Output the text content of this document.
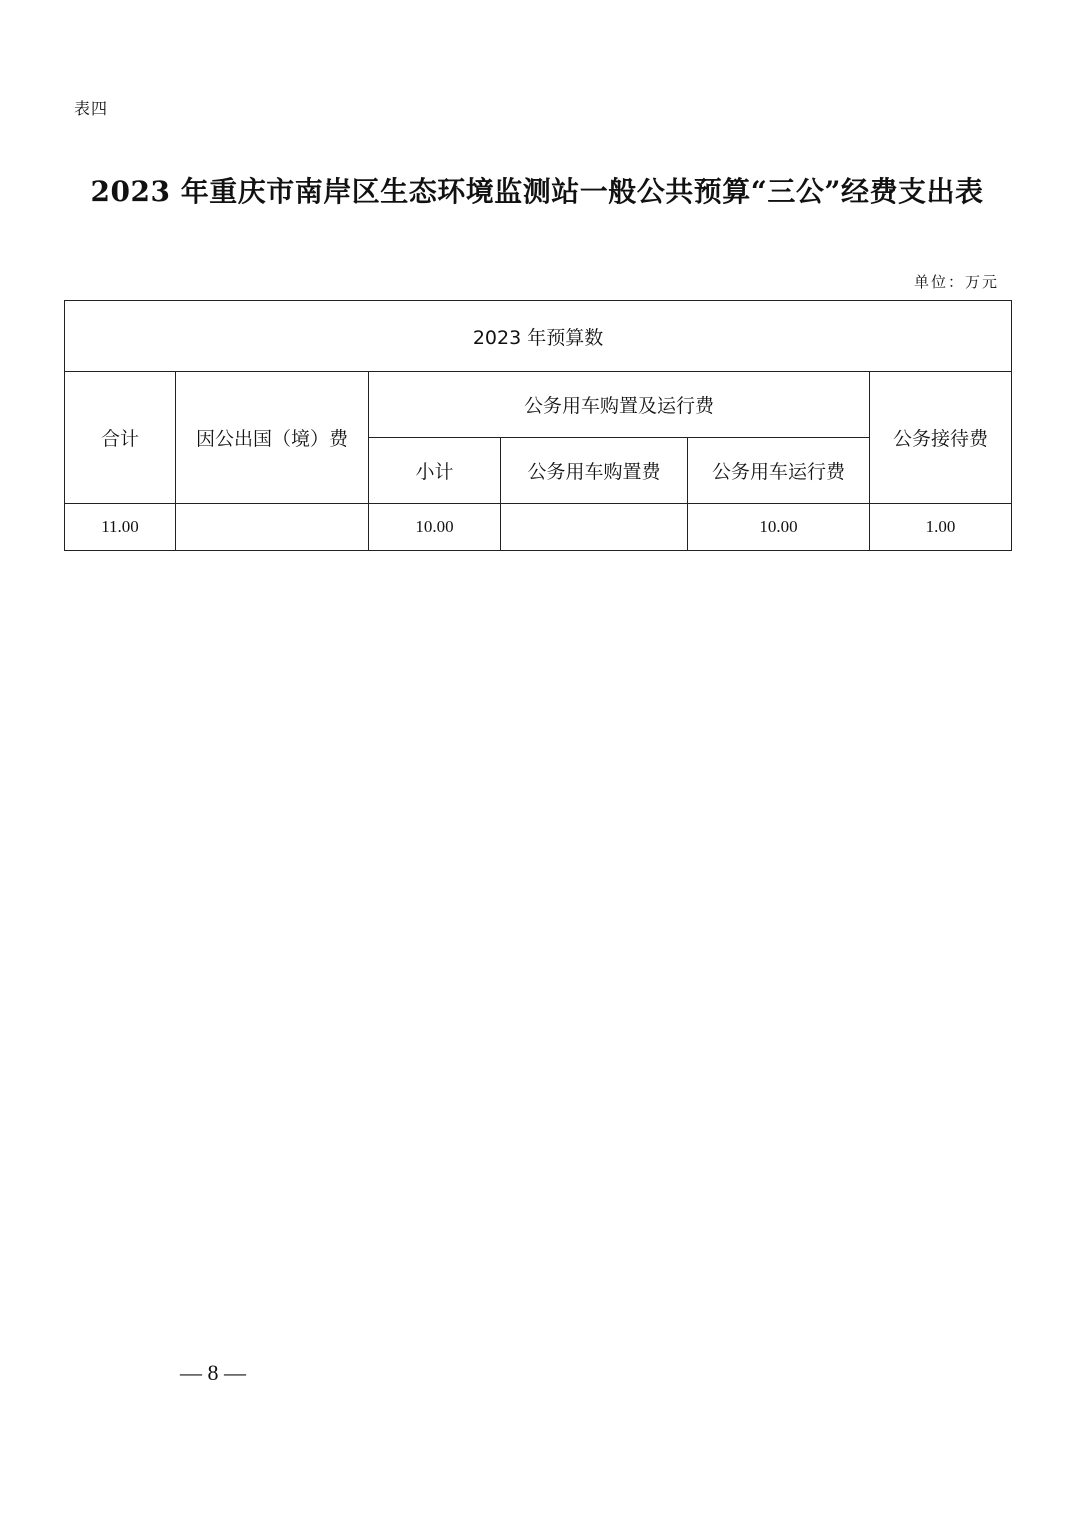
表四
2023 年重庆市南岸区生态环境监测站一般公共预算“三公”经费支出表
单位：万元
2023 年预算数					
合计	因公出国（境）费	公务用车购置及运行费			公务接待费
		小计	公务用车购置费	公务用车运行费	
11.00		10.00		10.00	1.00
— 8 —
